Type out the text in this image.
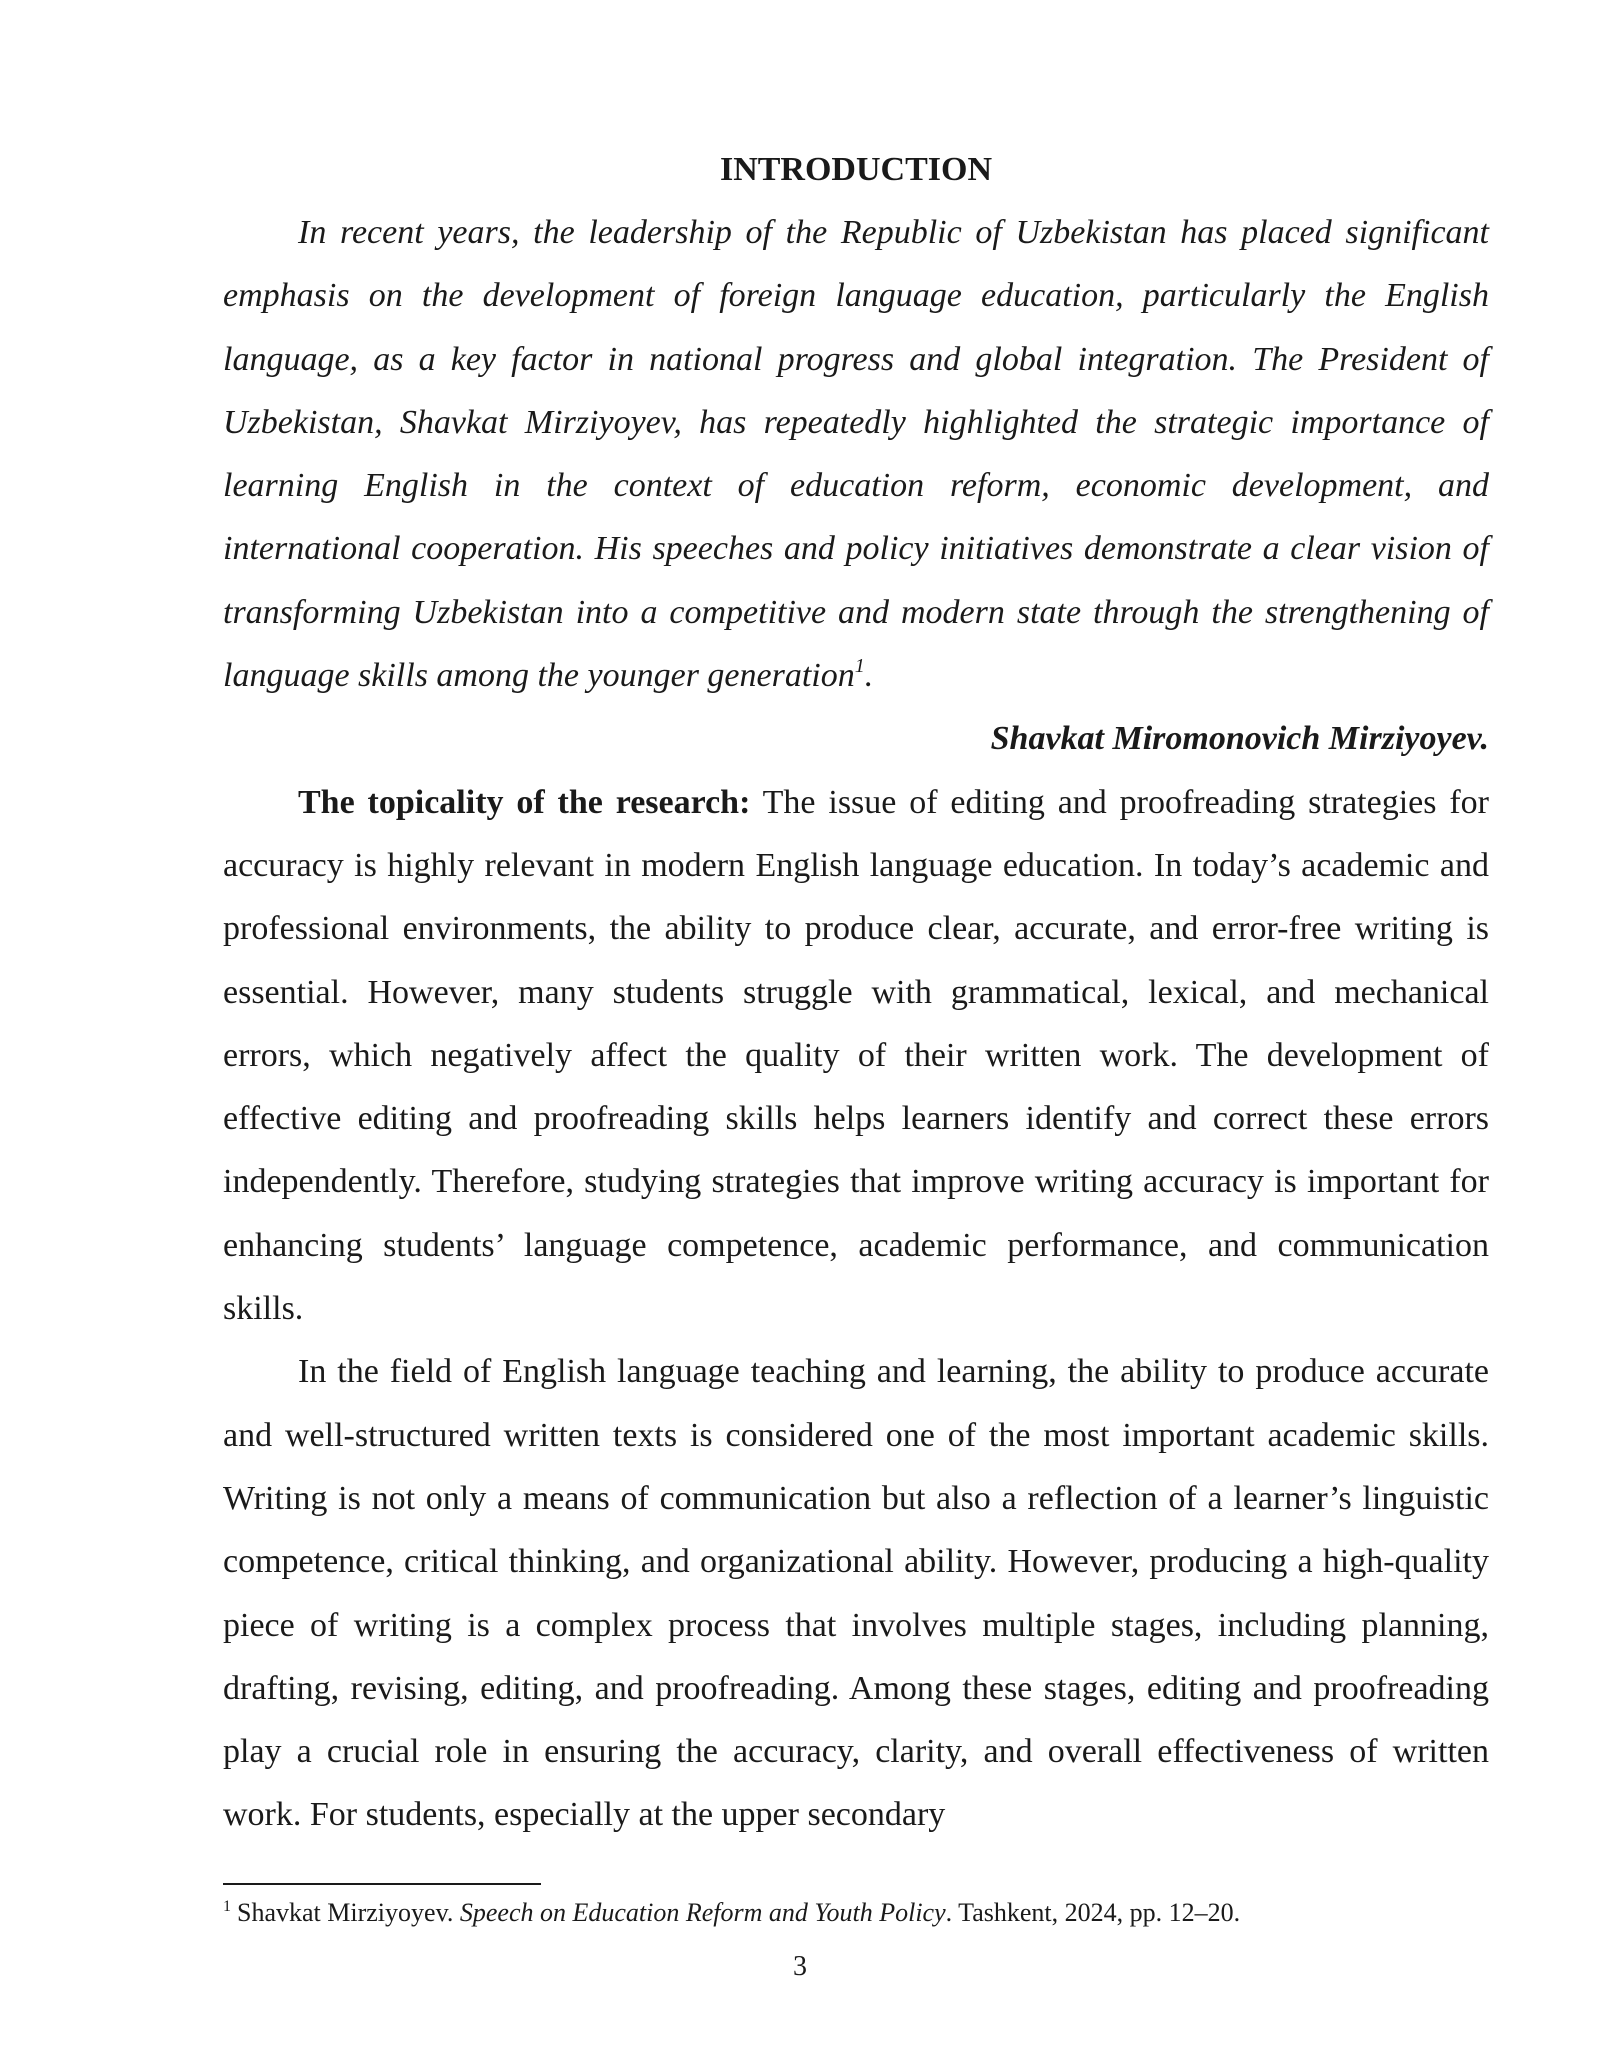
INTRODUCTION

In recent years, the leadership of the Republic of Uzbekistan has placed significant emphasis on the development of foreign language education, particularly the English language, as a key factor in national progress and global integration. The President of Uzbekistan, Shavkat Mirziyoyev, has repeatedly highlighted the strategic importance of learning English in the context of education reform, economic development, and international cooperation. His speeches and policy initiatives demonstrate a clear vision of transforming Uzbekistan into a competitive and modern state through the strengthening of language skills among the younger generation$^1$.

Shavkat Miromonovich Mirziyoyev.

The topicality of the research: The issue of editing and proofreading strategies for accuracy is highly relevant in modern English language education. In today’s academic and professional environments, the ability to produce clear, accurate, and error-free writing is essential. However, many students struggle with grammatical, lexical, and mechanical errors, which negatively affect the quality of their written work. The development of effective editing and proofreading skills helps learners identify and correct these errors independently. Therefore, studying strategies that improve writing accuracy is important for enhancing students’ language competence, academic performance, and communication skills.

In the field of English language teaching and learning, the ability to produce accurate and well-structured written texts is considered one of the most important academic skills. Writing is not only a means of communication but also a reflection of a learner’s linguistic competence, critical thinking, and organizational ability. However, producing a high-quality piece of writing is a complex process that involves multiple stages, including planning, drafting, revising, editing, and proofreading. Among these stages, editing and proofreading play a crucial role in ensuring the accuracy, clarity, and overall effectiveness of written work. For students, especially at the upper secondary

$^1$ Shavkat Mirziyoyev. Speech on Education Reform and Youth Policy. Tashkent, 2024, pp. 12–20.
3
